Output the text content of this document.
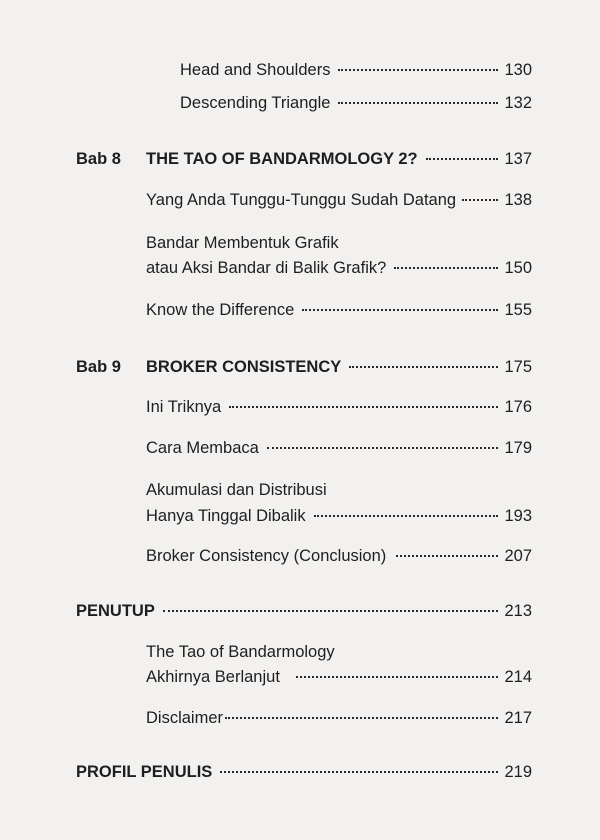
Head and Shoulders	130
Descending Triangle	132
Bab 8 THE TAO OF BANDARMOLOGY 2?	137
Yang Anda Tunggu-Tunggu Sudah Datang	138
Bandar Membentuk Grafik
atau Aksi Bandar di Balik Grafik?	150
Know the Difference	155
Bab 9 BROKER CONSISTENCY	175
Ini Triknya	176
Cara Membaca	179
Akumulasi dan Distribusi
Hanya Tinggal Dibalik	193
Broker Consistency (Conclusion)	207
PENUTUP	213
The Tao of Bandarmology
Akhirnya Berlanjut	214
Disclaimer	217
PROFIL PENULIS	219
